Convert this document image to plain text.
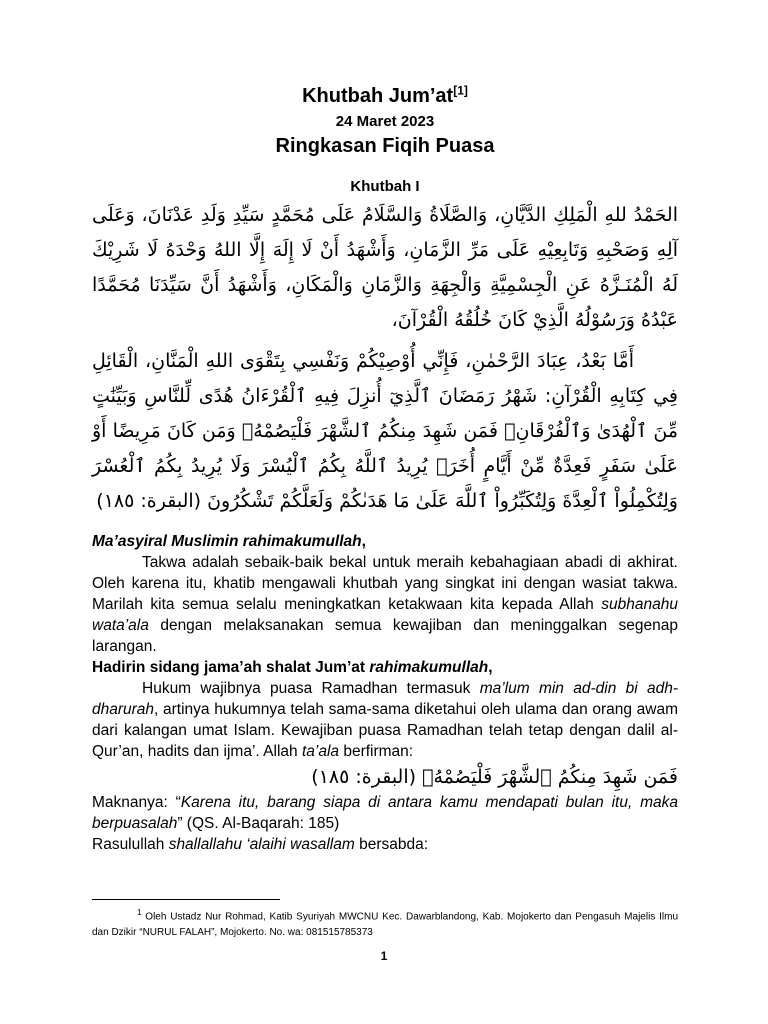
Khutbah Jum’at[1]

24 Maret 2023

Ringkasan Fiqih Puasa

Khutbah I

الحَمْدُ للهِ الْمَلِكِ الدَّيَّانِ، وَالصَّلَاةُ وَالسَّلَامُ عَلَى مُحَمَّدٍ سَيِّدِ وَلَدِ عَدْنَانَ، وَعَلَى آلِهِ وَصَحْبِهِ وَتَابِعِيْهِ عَلَى مَرِّ الزَّمَانِ، وَأَشْهَدُ أَنْ لَا إِلَهَ إِلَّا اللهُ وَحْدَهُ لَا شَرِيْكَ لَهُ الْمُنَـزَّهُ عَنِ الْجِسْمِيَّةِ وَالْجِهَةِ وَالزَّمَانِ وَالْمَكَانِ، وَأَشْهَدُ أَنَّ سَيِّدَنَا مُحَمَّدًا عَبْدُهُ وَرَسُوْلُهُ الَّذِيْ كَانَ خُلُقُهُ الْقُرْآنَ،

أَمَّا بَعْدُ، عِبَادَ الرَّحْمٰنِ، فَإِنِّي أُوْصِيْكُمْ وَنَفْسِي بِتَقْوَى اللهِ الْمَنَّانِ، الْقَائِلِ فِي كِتَابِهِ الْقُرْآنِ: شَهْرُ رَمَضَانَ ٱلَّذِيٓ أُنزِلَ فِيهِ ٱلْقُرْءَانُ هُدًى لِّلنَّاسِ وَبَيِّنَٰتٍ مِّنَ ٱلْهُدَىٰ وَٱلْفُرْقَانِۚ فَمَن شَهِدَ مِنكُمُ ٱلشَّهْرَ فَلْيَصُمْهُۖ وَمَن كَانَ مَرِيضًا أَوْ عَلَىٰ سَفَرٍ فَعِدَّةٌ مِّنْ أَيَّامٍ أُخَرَۗ يُرِيدُ ٱللَّهُ بِكُمُ ٱلْيُسْرَ وَلَا يُرِيدُ بِكُمُ ٱلْعُسْرَ وَلِتُكْمِلُواْ ٱلْعِدَّةَ وَلِتُكَبِّرُواْ ٱللَّهَ عَلَىٰ مَا هَدَىٰكُمْ وَلَعَلَّكُمْ تَشْكُرُونَ (البقرة: ١٨٥)

Ma’asyiral Muslimin rahimakumullah,

Takwa adalah sebaik-baik bekal untuk meraih kebahagiaan abadi di akhirat. Oleh karena itu, khatib mengawali khutbah yang singkat ini dengan wasiat takwa. Marilah kita semua selalu meningkatkan ketakwaan kita kepada Allah subhanahu wata’ala dengan melaksanakan semua kewajiban dan meninggalkan segenap larangan.

Hadirin sidang jama’ah shalat Jum’at rahimakumullah,

Hukum wajibnya puasa Ramadhan termasuk ma’lum min ad-din bi adh-dharurah, artinya hukumnya telah sama-sama diketahui oleh ulama dan orang awam dari kalangan umat Islam. Kewajiban puasa Ramadhan telah tetap dengan dalil al-Qur’an, hadits dan ijma’. Allah ta’ala berfirman:

فَمَن شَهِدَ مِنكُمُ ٱلشَّهْرَ فَلْيَصُمْهُۖ (البقرة: ١٨٥)

Maknanya: “Karena itu, barang siapa di antara kamu mendapati bulan itu, maka berpuasalah” (QS. Al-Baqarah: 185)

Rasulullah shallallahu ‘alaihi wasallam bersabda:

$^1$ Oleh Ustadz Nur Rohmad, Katib Syuriyah MWCNU Kec. Dawarblandong, Kab. Mojokerto dan Pengasuh Majelis Ilmu dan Dzikir “NURUL FALAH”, Mojokerto. No. wa: 081515785373
1
